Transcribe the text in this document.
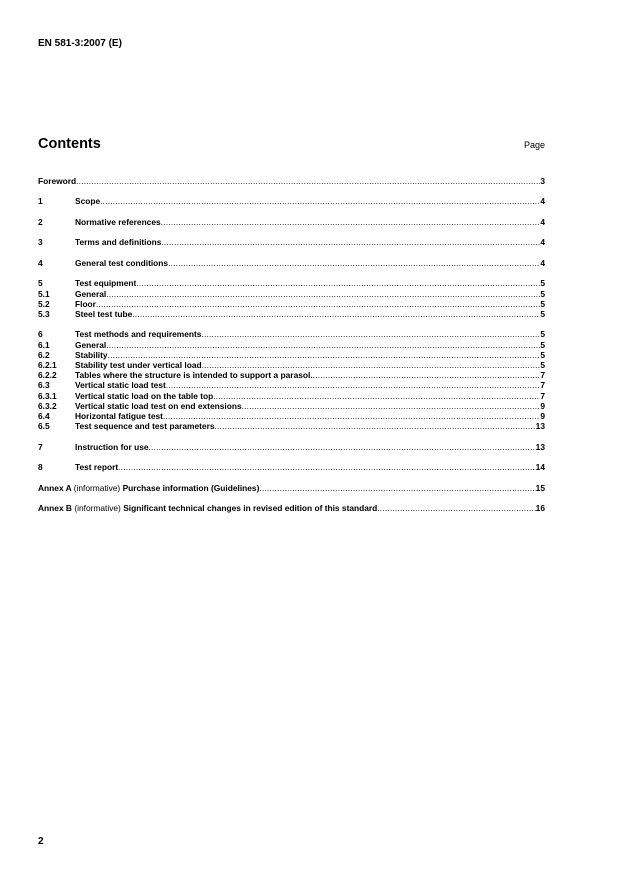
EN 581-3:2007 (E)
Contents	Page
Foreword .....	3
1	Scope .....	4
2	Normative references .....	4
3	Terms and definitions .....	4
4	General test conditions .....	4
5	Test equipment .....	5
5.1	General .....	5
5.2	Floor .....	5
5.3	Steel test tube .....	5
6	Test methods and requirements .....	5
6.1	General .....	5
6.2	Stability .....	5
6.2.1	Stability test under vertical load .....	5
6.2.2	Tables where the structure is intended to support a parasol. .....	7
6.3	Vertical static load test .....	7
6.3.1	Vertical static load on the table top .....	7
6.3.2	Vertical static load test on end extensions .....	9
6.4	Horizontal fatigue test .....	9
6.5	Test sequence and test parameters .....	13
7	Instruction for use .....	13
8	Test report .....	14
Annex A (informative) Purchase information (Guidelines) .....	15
Annex B (informative) Significant technical changes in revised edition of this standard .....	16
2
